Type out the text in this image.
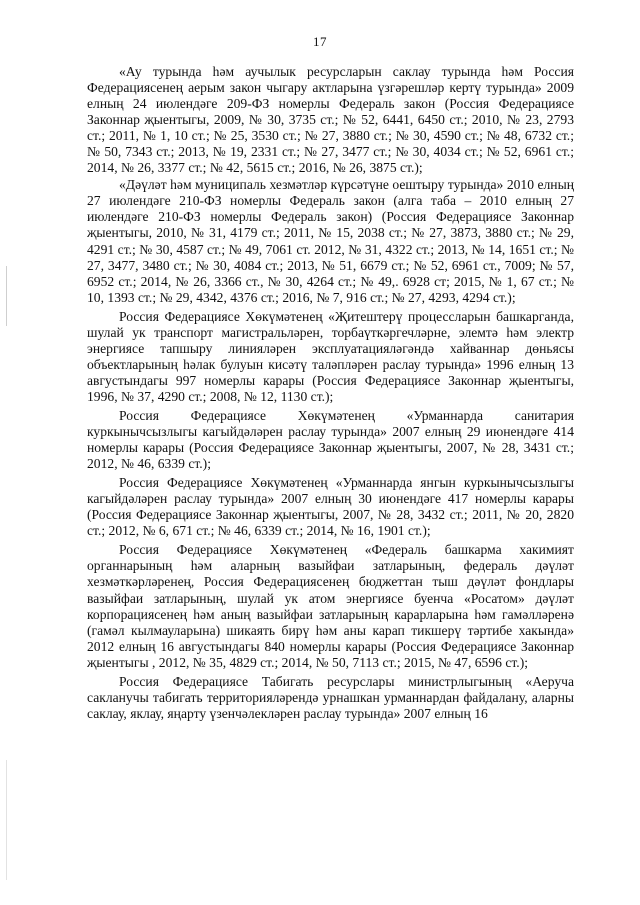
17

«Ау турында һәм аучылык ресурсларын саклау турында һәм Россия Федерациясенең аерым закон чыгару актларына үзгәрешләр кертү турында» 2009 елның 24 июлендәге 209-ФЗ номерлы Федераль закон (Россия Федерациясе Законнар җыентыгы, 2009, № 30, 3735 ст.; № 52, 6441, 6450 ст.; 2010, № 23, 2793 ст.; 2011, № 1, 10 ст.; № 25, 3530 ст.; № 27, 3880 ст.; № 30, 4590 ст.; № 48, 6732 ст.; № 50, 7343 ст.; 2013, № 19, 2331 ст.; № 27, 3477 ст.; № 30, 4034 ст.; № 52, 6961 ст.; 2014, № 26, 3377 ст.; № 42, 5615 ст.; 2016, № 26, 3875 ст.);

«Дәүләт һәм муниципаль хезмәтләр күрсәтүне оештыру турында» 2010 елның 27 июлендәге 210-ФЗ номерлы Федераль закон (алга таба – 2010 елның 27 июлендәге 210-ФЗ номерлы Федераль закон) (Россия Федерациясе Законнар җыентыгы, 2010, № 31, 4179 ст.; 2011, № 15, 2038 ст.; № 27, 3873, 3880 ст.; № 29, 4291 ст.; № 30, 4587 ст.; № 49, 7061 ст. 2012, № 31, 4322 ст.; 2013, № 14, 1651 ст.; № 27, 3477, 3480 ст.; № 30, 4084 ст.; 2013, № 51, 6679 ст.; № 52, 6961 ст., 7009; № 57, 6952 ст.; 2014, № 26, 3366 ст., № 30, 4264 ст.; № 49,. 6928 ст; 2015, № 1, 67 ст.; № 10, 1393 ст.; № 29, 4342, 4376 ст.; 2016, № 7, 916 ст.; № 27, 4293, 4294 ст.);

Россия Федерациясе Хөкүмәтенең «Җитештерү процессларын башкарганда, шулай ук транспорт магистральләрен, торбаүткәргечләрне, элемтә һәм электр энергиясе тапшыру линияләрен эксплуатацияләгәндә хайваннар дөньясы объектларының һәлак булуын кисәтү таләпләрен раслау турында» 1996 елның 13 августындагы 997 номерлы карары (Россия Федерациясе Законнар җыентыгы, 1996, № 37, 4290 ст.; 2008, № 12, 1130 ст.);

Россия Федерациясе Хөкүмәтенең «Урманнарда санитария куркынычсызлыгы кагыйдәләрен раслау турында» 2007 елның 29 июнендәге 414 номерлы карары (Россия Федерациясе Законнар җыентыгы, 2007, № 28, 3431 ст.; 2012, № 46, 6339 ст.);

Россия Федерациясе Хөкүмәтенең «Урманнарда янгын куркынычсызлыгы кагыйдәләрен раслау турында» 2007 елның 30 июнендәге 417 номерлы карары (Россия Федерациясе Законнар җыентыгы, 2007, № 28, 3432 ст.; 2011, № 20, 2820 ст.; 2012, № 6, 671 ст.; № 46, 6339 ст.; 2014, № 16, 1901 ст.);

Россия Федерациясе Хөкүмәтенең «Федераль башкарма хакимият органнарының һәм аларның вазыйфаи затларының, федераль дәүләт хезмәткәрләренең, Россия Федерациясенең бюджеттан тыш дәүләт фондлары вазыйфаи затларының, шулай ук атом энергиясе буенча «Росатом» дәүләт корпорациясенең һәм аның вазыйфаи затларының карарларына һәм гамәлләренә (гамәл кылмауларына) шикаять бирү һәм аны карап тикшерү тәртибе хакында» 2012 елның 16 августындагы 840 номерлы карары (Россия Федерациясе Законнар җыентыгы , 2012, № 35, 4829 ст.; 2014, № 50, 7113 ст.; 2015, № 47, 6596 ст.);

Россия Федерациясе Табигать ресурслары министрлыгының «Аеруча сакланучы табигать территорияләрендә урнашкан урманнардан файдалану, аларны саклау, яклау, яңарту үзенчәлекләрен раслау турында» 2007 елның 16
